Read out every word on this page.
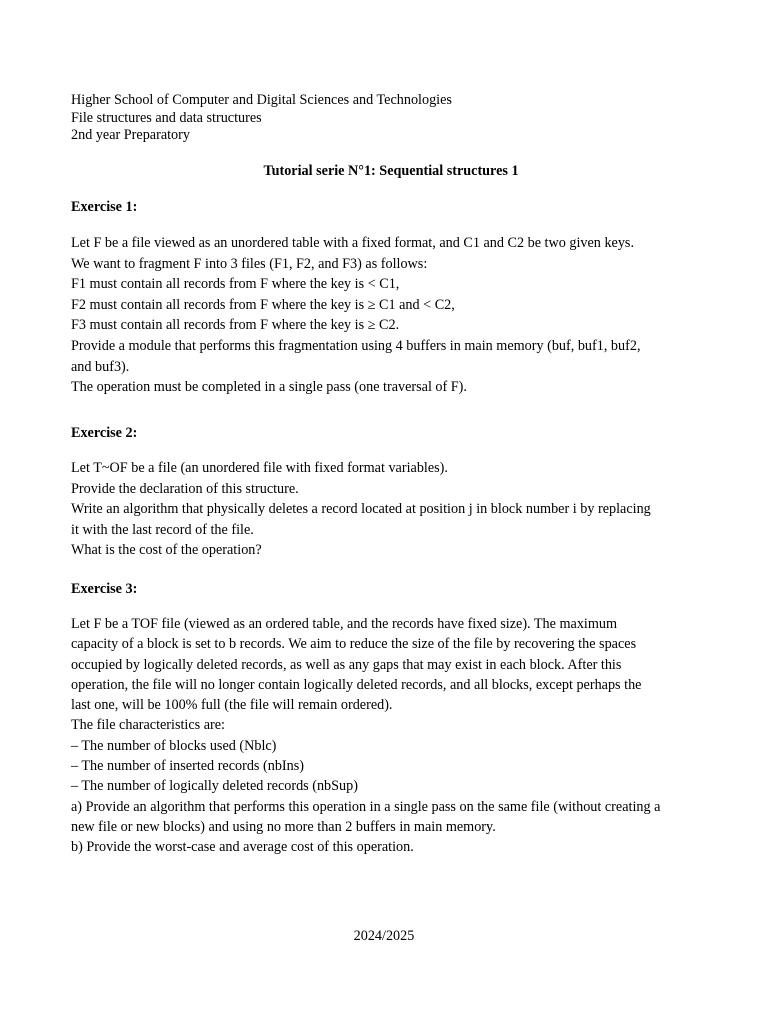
Higher School of Computer and Digital Sciences and Technologies
File structures and data structures
2nd year Preparatory
Tutorial serie N°1: Sequential structures 1
Exercise 1:
Let F be a file viewed as an unordered table with a fixed format, and C1 and C2 be two given keys.
We want to fragment F into 3 files (F1, F2, and F3) as follows:
F1 must contain all records from F where the key is < C1,
F2 must contain all records from F where the key is ≥ C1 and < C2,
F3 must contain all records from F where the key is ≥ C2.
Provide a module that performs this fragmentation using 4 buffers in main memory (buf, buf1, buf2,
and buf3).
The operation must be completed in a single pass (one traversal of F).
Exercise 2:
Let T~OF be a file (an unordered file with fixed format variables).
Provide the declaration of this structure.
Write an algorithm that physically deletes a record located at position j in block number i by replacing
it with the last record of the file.
What is the cost of the operation?
Exercise 3:
Let F be a TOF file (viewed as an ordered table, and the records have fixed size). The maximum
capacity of a block is set to b records. We aim to reduce the size of the file by recovering the spaces
occupied by logically deleted records, as well as any gaps that may exist in each block. After this
operation, the file will no longer contain logically deleted records, and all blocks, except perhaps the
last one, will be 100% full (the file will remain ordered).
The file characteristics are:
– The number of blocks used (Nblc)
– The number of inserted records (nbIns)
– The number of logically deleted records (nbSup)
a) Provide an algorithm that performs this operation in a single pass on the same file (without creating a
new file or new blocks) and using no more than 2 buffers in main memory.
b) Provide the worst-case and average cost of this operation.
2024/2025
